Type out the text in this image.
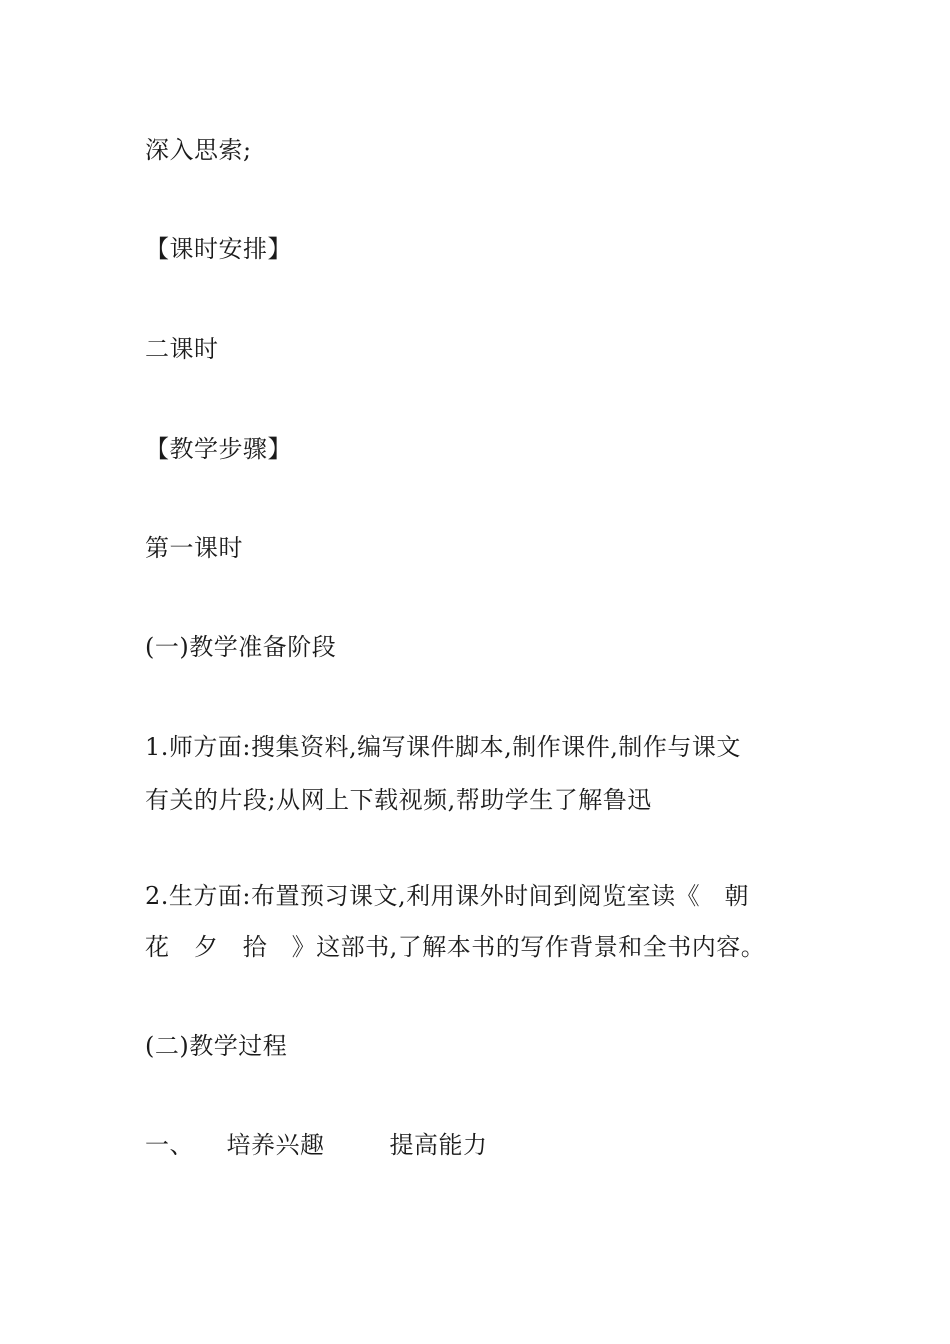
深入思索;
【课时安排】
二课时
【教学步骤】
第一课时
(一)教学准备阶段
1.师方面:搜集资料,编写课件脚本,制作课件,制作与课文
有关的片段;从网上下载视频,帮助学生了解鲁迅
2.生方面:布置预习课文,利用课外时间到阅览室读《   朝
花   夕   拾   》这部书,了解本书的写作背景和全书内容。
(二)教学过程
一、    培养兴趣        提高能力
